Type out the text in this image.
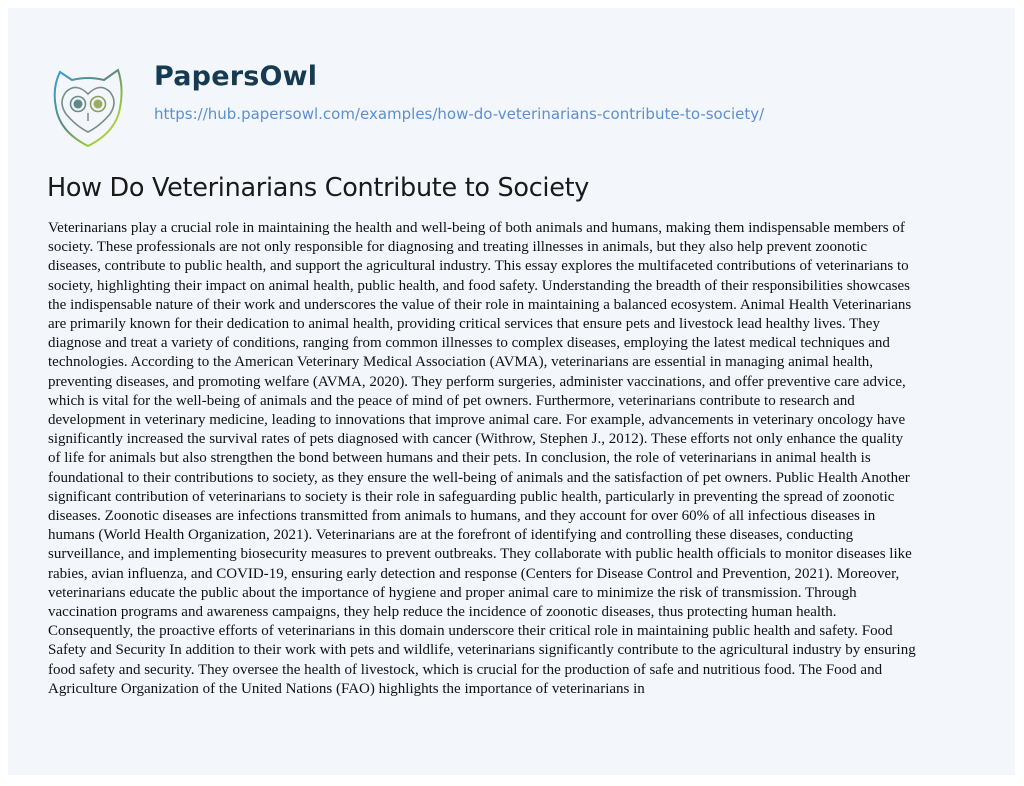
PapersOwl
https://hub.papersowl.com/examples/how-do-veterinarians-contribute-to-society/
How Do Veterinarians Contribute to Society
Veterinarians play a crucial role in maintaining the health and well-being of both animals and humans, making them indispensable members of
society. These professionals are not only responsible for diagnosing and treating illnesses in animals, but they also help prevent zoonotic
diseases, contribute to public health, and support the agricultural industry. This essay explores the multifaceted contributions of veterinarians to
society, highlighting their impact on animal health, public health, and food safety. Understanding the breadth of their responsibilities showcases
the indispensable nature of their work and underscores the value of their role in maintaining a balanced ecosystem. Animal Health Veterinarians
are primarily known for their dedication to animal health, providing critical services that ensure pets and livestock lead healthy lives. They
diagnose and treat a variety of conditions, ranging from common illnesses to complex diseases, employing the latest medical techniques and
technologies. According to the American Veterinary Medical Association (AVMA), veterinarians are essential in managing animal health,
preventing diseases, and promoting welfare (AVMA, 2020). They perform surgeries, administer vaccinations, and offer preventive care advice,
which is vital for the well-being of animals and the peace of mind of pet owners. Furthermore, veterinarians contribute to research and
development in veterinary medicine, leading to innovations that improve animal care. For example, advancements in veterinary oncology have
significantly increased the survival rates of pets diagnosed with cancer (Withrow, Stephen J., 2012). These efforts not only enhance the quality
of life for animals but also strengthen the bond between humans and their pets. In conclusion, the role of veterinarians in animal health is
foundational to their contributions to society, as they ensure the well-being of animals and the satisfaction of pet owners. Public Health Another
significant contribution of veterinarians to society is their role in safeguarding public health, particularly in preventing the spread of zoonotic
diseases. Zoonotic diseases are infections transmitted from animals to humans, and they account for over 60% of all infectious diseases in
humans (World Health Organization, 2021). Veterinarians are at the forefront of identifying and controlling these diseases, conducting
surveillance, and implementing biosecurity measures to prevent outbreaks. They collaborate with public health officials to monitor diseases like
rabies, avian influenza, and COVID-19, ensuring early detection and response (Centers for Disease Control and Prevention, 2021). Moreover,
veterinarians educate the public about the importance of hygiene and proper animal care to minimize the risk of transmission. Through
vaccination programs and awareness campaigns, they help reduce the incidence of zoonotic diseases, thus protecting human health.
Consequently, the proactive efforts of veterinarians in this domain underscore their critical role in maintaining public health and safety. Food
Safety and Security In addition to their work with pets and wildlife, veterinarians significantly contribute to the agricultural industry by ensuring
food safety and security. They oversee the health of livestock, which is crucial for the production of safe and nutritious food. The Food and
Agriculture Organization of the United Nations (FAO) highlights the importance of veterinarians in
